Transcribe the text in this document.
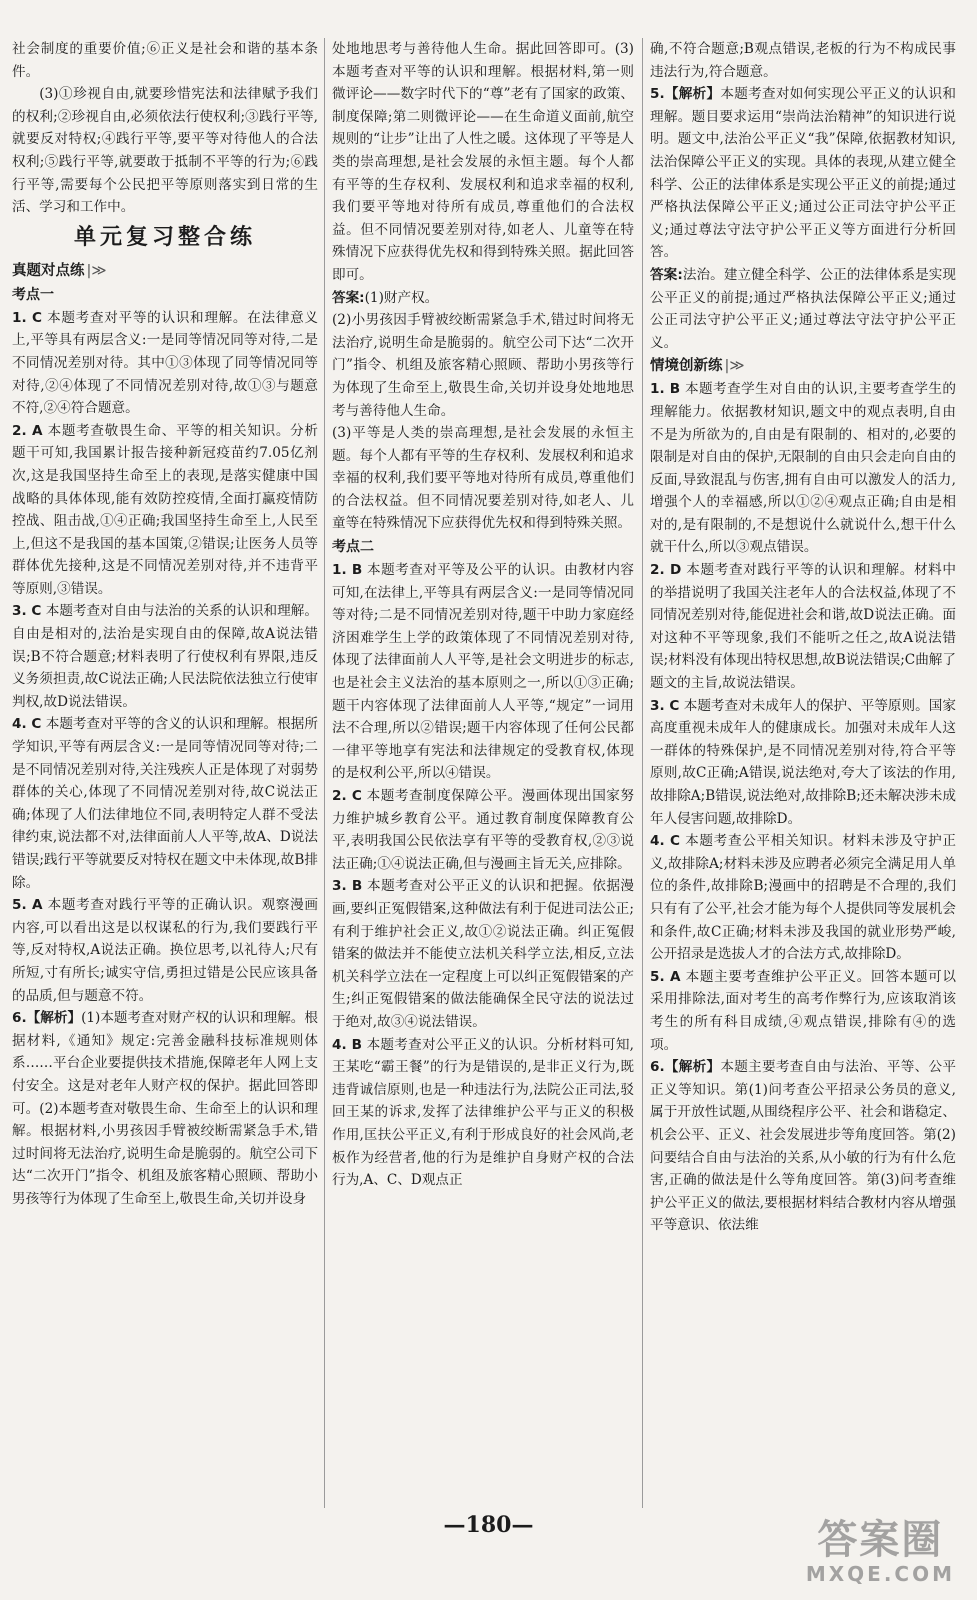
社会制度的重要价值;⑥正义是社会和谐的基本条件。

(3)①珍视自由,就要珍惜宪法和法律赋予我们的权利;②珍视自由,必须依法行使权利;③践行平等,就要反对特权;④践行平等,要平等对待他人的合法权利;⑤践行平等,就要敢于抵制不平等的行为;⑥践行平等,需要每个公民把平等原则落实到日常的生活、学习和工作中。

单元复习整合练
真题对点练 |≫
考点一

1. C 本题考查对平等的认识和理解。在法律意义上,平等具有两层含义:一是同等情况同等对待,二是不同情况差别对待。其中①③体现了同等情况同等对待,②④体现了不同情况差别对待,故①③与题意不符,②④符合题意。

2. A 本题考查敬畏生命、平等的相关知识。分析题干可知,我国累计报告接种新冠疫苗约7.05亿剂次,这是我国坚持生命至上的表现,是落实健康中国战略的具体体现,能有效防控疫情,全面打赢疫情防控战、阻击战,①④正确;我国坚持生命至上,人民至上,但这不是我国的基本国策,②错误;让医务人员等群体优先接种,这是不同情况差别对待,并不违背平等原则,③错误。

3. C 本题考查对自由与法治的关系的认识和理解。自由是相对的,法治是实现自由的保障,故A说法错误;B不符合题意;材料表明了行使权利有界限,违反义务须担责,故C说法正确;人民法院依法独立行使审判权,故D说法错误。

4. C 本题考查对平等的含义的认识和理解。根据所学知识,平等有两层含义:一是同等情况同等对待;二是不同情况差别对待,关注残疾人正是体现了对弱势群体的关心,体现了不同情况差别对待,故C说法正确;体现了人们法律地位不同,表明特定人群不受法律约束,说法都不对,法律面前人人平等,故A、D说法错误;践行平等就要反对特权在题文中未体现,故B排除。

5. A 本题考查对践行平等的正确认识。观察漫画内容,可以看出这是以权谋私的行为,我们要践行平等,反对特权,A说法正确。换位思考,以礼待人;尺有所短,寸有所长;诚实守信,勇担过错是公民应该具备的品质,但与题意不符。

6.【解析】(1)本题考查对财产权的认识和理解。根据材料,《通知》规定:完善金融科技标准规则体系……平台企业要提供技术措施,保障老年人网上支付安全。这是对老年人财产权的保护。据此回答即可。(2)本题考查对敬畏生命、生命至上的认识和理解。根据材料,小男孩因手臂被绞断需紧急手术,错过时间将无法治疗,说明生命是脆弱的。航空公司下达“二次开门”指令、机组及旅客精心照顾、帮助小男孩等行为体现了生命至上,敬畏生命,关切并设身

处地地思考与善待他人生命。据此回答即可。(3)本题考查对平等的认识和理解。根据材料,第一则微评论——数字时代下的“尊”老有了国家的政策、制度保障;第二则微评论——在生命道义面前,航空规则的“让步”让出了人性之暖。这体现了平等是人类的崇高理想,是社会发展的永恒主题。每个人都有平等的生存权利、发展权利和追求幸福的权利,我们要平等地对待所有成员,尊重他们的合法权益。但不同情况要差别对待,如老人、儿童等在特殊情况下应获得优先权和得到特殊关照。据此回答即可。

答案:(1)财产权。

(2)小男孩因手臂被绞断需紧急手术,错过时间将无法治疗,说明生命是脆弱的。航空公司下达“二次开门”指令、机组及旅客精心照顾、帮助小男孩等行为体现了生命至上,敬畏生命,关切并设身处地地思考与善待他人生命。

(3)平等是人类的崇高理想,是社会发展的永恒主题。每个人都有平等的生存权利、发展权利和追求幸福的权利,我们要平等地对待所有成员,尊重他们的合法权益。但不同情况要差别对待,如老人、儿童等在特殊情况下应获得优先权和得到特殊关照。

考点二

1. B 本题考查对平等及公平的认识。由教材内容可知,在法律上,平等具有两层含义:一是同等情况同等对待;二是不同情况差别对待,题干中助力家庭经济困难学生上学的政策体现了不同情况差别对待,体现了法律面前人人平等,是社会文明进步的标志,也是社会主义法治的基本原则之一,所以①③正确;题干内容体现了法律面前人人平等,“规定”一词用法不合理,所以②错误;题干内容体现了任何公民都一律平等地享有宪法和法律规定的受教育权,体现的是权利公平,所以④错误。

2. C 本题考查制度保障公平。漫画体现出国家努力维护城乡教育公平。通过教育制度保障教育公平,表明我国公民依法享有平等的受教育权,②③说法正确;①④说法正确,但与漫画主旨无关,应排除。

3. B 本题考查对公平正义的认识和把握。依据漫画,要纠正冤假错案,这种做法有利于促进司法公正;有利于维护社会正义,故①②说法正确。纠正冤假错案的做法并不能使立法机关科学立法,相反,立法机关科学立法在一定程度上可以纠正冤假错案的产生;纠正冤假错案的做法能确保全民守法的说法过于绝对,故③④说法错误。

4. B 本题考查对公平正义的认识。分析材料可知,王某吃“霸王餐”的行为是错误的,是非正义行为,既违背诚信原则,也是一种违法行为,法院公正司法,驳回王某的诉求,发挥了法律维护公平与正义的积极作用,匡扶公平正义,有利于形成良好的社会风尚,老板作为经营者,他的行为是维护自身财产权的合法行为,A、C、D观点正

确,不符合题意;B观点错误,老板的行为不构成民事违法行为,符合题意。

5.【解析】本题考查对如何实现公平正义的认识和理解。题目要求运用“崇尚法治精神”的知识进行说明。题文中,法治公平正义“我”保障,依据教材知识,法治保障公平正义的实现。具体的表现,从建立健全科学、公正的法律体系是实现公平正义的前提;通过严格执法保障公平正义;通过公正司法守护公平正义;通过尊法守法守护公平正义等方面进行分析回答。

答案:法治。建立健全科学、公正的法律体系是实现公平正义的前提;通过严格执法保障公平正义;通过公正司法守护公平正义;通过尊法守法守护公平正义。

情境创新练 |≫

1. B 本题考查学生对自由的认识,主要考查学生的理解能力。依据教材知识,题文中的观点表明,自由不是为所欲为的,自由是有限制的、相对的,必要的限制是对自由的保护,无限制的自由只会走向自由的反面,导致混乱与伤害,拥有自由可以激发人的活力,增强个人的幸福感,所以①②④观点正确;自由是相对的,是有限制的,不是想说什么就说什么,想干什么就干什么,所以③观点错误。

2. D 本题考查对践行平等的认识和理解。材料中的举措说明了我国关注老年人的合法权益,体现了不同情况差别对待,能促进社会和谐,故D说法正确。面对这种不平等现象,我们不能听之任之,故A说法错误;材料没有体现出特权思想,故B说法错误;C曲解了题文的主旨,故说法错误。

3. C 本题考查对未成年人的保护、平等原则。国家高度重视未成年人的健康成长。加强对未成年人这一群体的特殊保护,是不同情况差别对待,符合平等原则,故C正确;A错误,说法绝对,夸大了该法的作用,故排除A;B错误,说法绝对,故排除B;还未解决涉未成年人侵害问题,故排除D。

4. C 本题考查公平相关知识。材料未涉及守护正义,故排除A;材料未涉及应聘者必须完全满足用人单位的条件,故排除B;漫画中的招聘是不合理的,我们只有有了公平,社会才能为每个人提供同等发展机会和条件,故C正确;材料未涉及我国的就业形势严峻,公开招录是选拔人才的合法方式,故排除D。

5. A 本题主要考查维护公平正义。回答本题可以采用排除法,面对考生的高考作弊行为,应该取消该考生的所有科目成绩,④观点错误,排除有④的选项。

6.【解析】本题主要考查自由与法治、平等、公平正义等知识。第(1)问考查公平招录公务员的意义,属于开放性试题,从围绕程序公平、社会和谐稳定、机会公平、正义、社会发展进步等角度回答。第(2)问要结合自由与法治的关系,从小敏的行为有什么危害,正确的做法是什么等角度回答。第(3)问考查维护公平正义的做法,要根据材料结合教材内容从增强平等意识、依法维

—180—	答案圈
MXQE.COM
